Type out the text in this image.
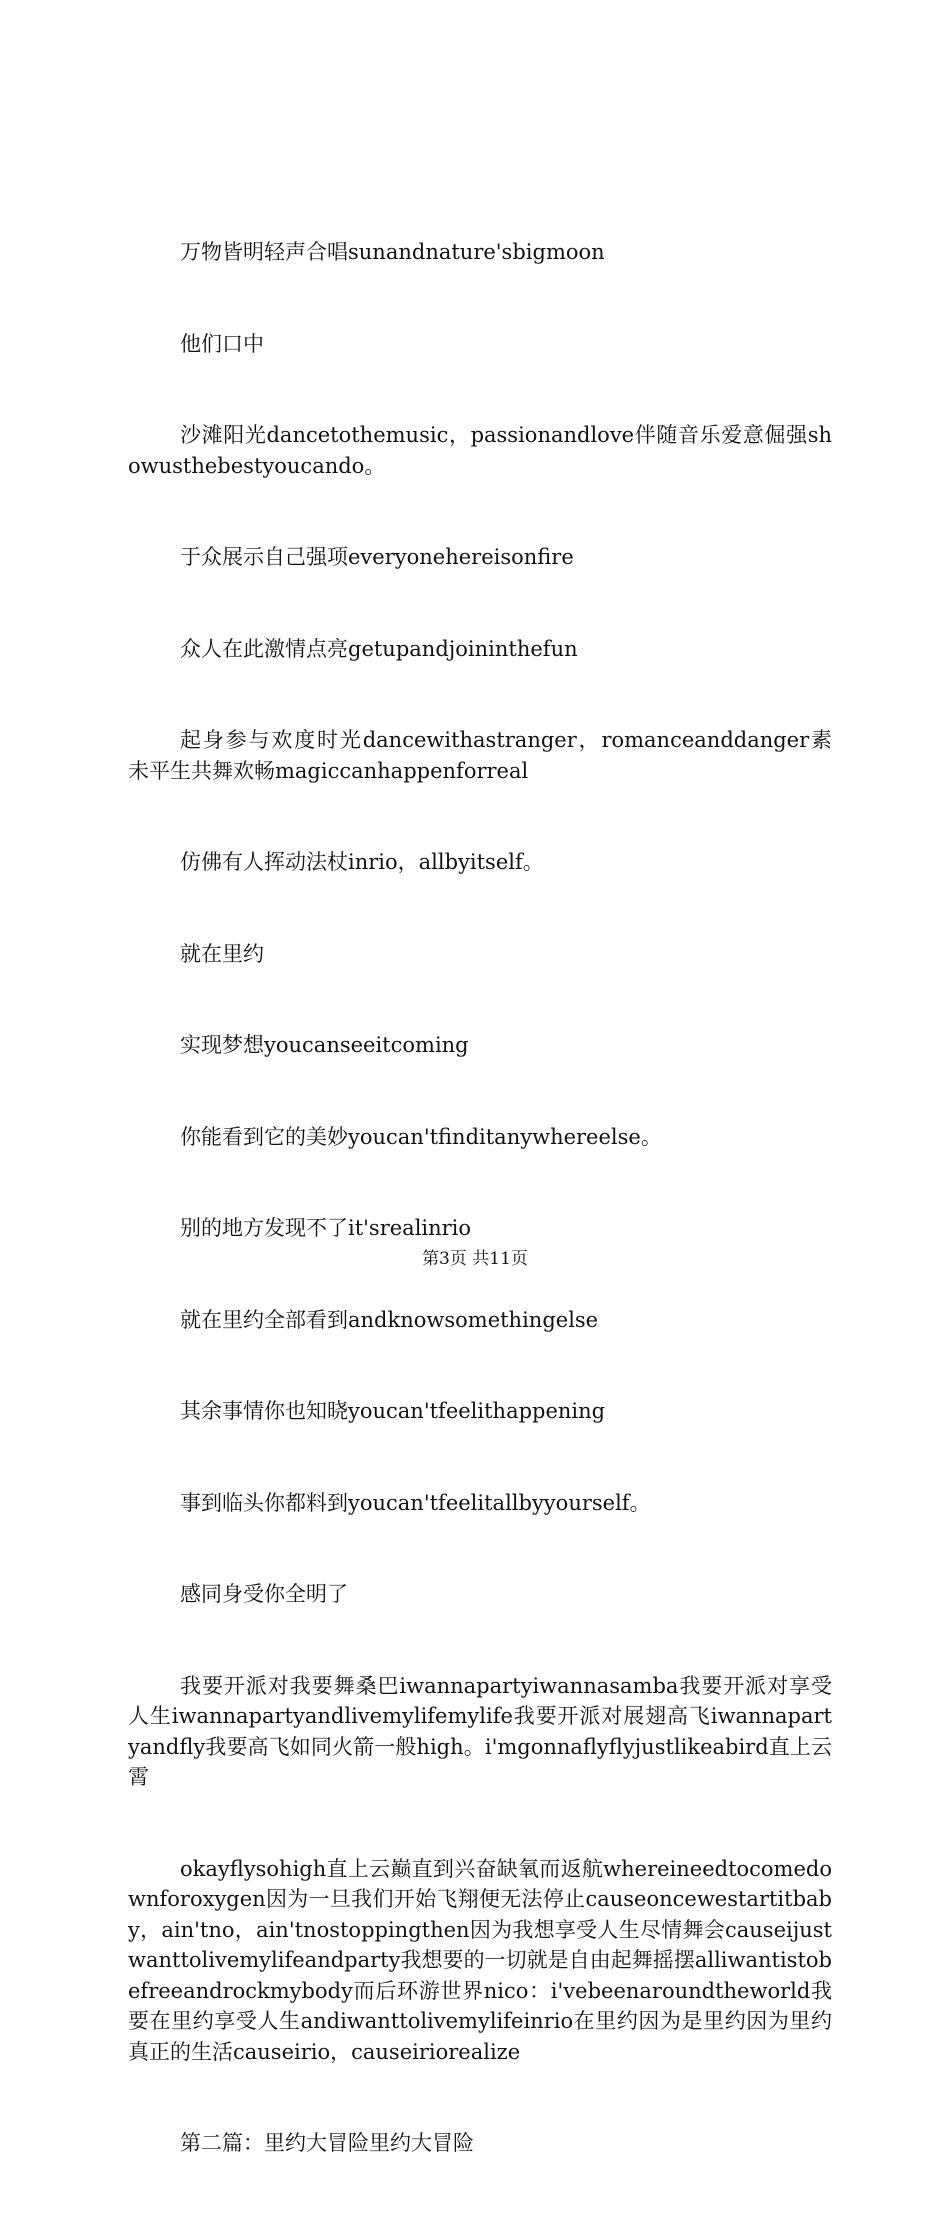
万物皆明轻声合唱sunandnature'sbigmoon

他们口中

沙滩阳光dancetothemusic，passionandlove伴随音乐爱意倔强showusthebestyoucando。

于众展示自己强项everyonehereisonfire

众人在此激情点亮getupandjoininthefun

起身参与欢度时光dancewithastranger，romanceanddanger素未平生共舞欢畅magiccanhappenforreal

仿佛有人挥动法杖inrio，allbyitself。

就在里约

实现梦想youcanseeitcoming

你能看到它的美妙youcan'tfinditanywhereelse。

别的地方发现不了it'srealinrio

就在里约全部看到andknowsomethingelse

其余事情你也知晓youcan'tfeelithappening

事到临头你都料到youcan'tfeelitallbyyourself。

感同身受你全明了

我要开派对我要舞桑巴iwannapartyiwannasamba我要开派对享受人生iwannapartyandlivemylifemylife我要开派对展翅高飞iwannapartyandfly我要高飞如同火箭一般high。i'mgonnaflyflyjustlikeabird直上云霄

okayflysohigh直上云巅直到兴奋缺氧而返航whereineedtocomedownforoxygen因为一旦我们开始飞翔便无法停止causeoncewestartitbaby，ain'tno，ain'tnostoppingthen因为我想享受人生尽情舞会causeijustwanttolivemylifeandparty我想要的一切就是自由起舞摇摆alliwantistobefreeandrockmybody而后环游世界nico：i'vebeenaroundtheworld我要在里约享受人生andiwanttolivemylifeinrio在里约因为是里约因为里约真正的生活causeirio，causeiriorealize

第二篇：里约大冒险里约大冒险

第3页 共11页
